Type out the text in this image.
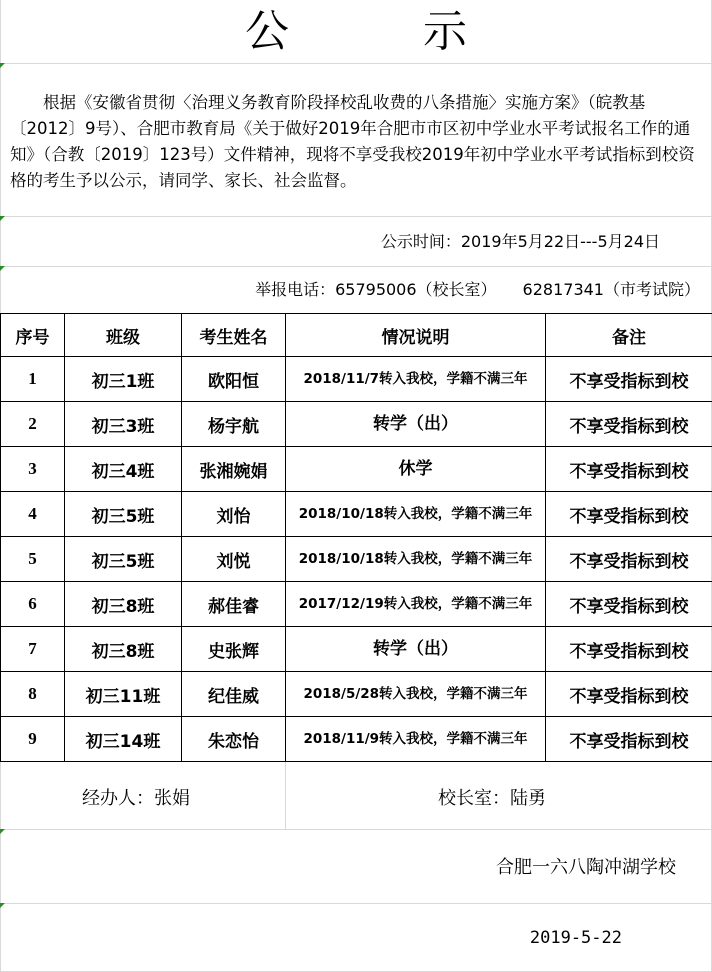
公 示

根据《安徽省贯彻〈治理义务教育阶段择校乱收费的八条措施〉实施方案》（皖教基〔2012〕9号）、合肥市教育局《关于做好2019年合肥市市区初中学业水平考试报名工作的通知》（合教〔2019〕123号）文件精神，现将不享受我校2019年初中学业水平考试指标到校资格的考生予以公示，请同学、家长、社会监督。

公示时间：2019年5月22日---5月24日
举报电话：65795006（校长室） 62817341（市考试院）
序号	班级	考生姓名	情况说明	备注
1	初三1班	欧阳恒	2018/11/7转入我校，学籍不满三年	不享受指标到校
2	初三3班	杨宇航	转学（出）	不享受指标到校
3	初三4班	张湘婉娟	休学	不享受指标到校
4	初三5班	刘怡	2018/10/18转入我校，学籍不满三年	不享受指标到校
5	初三5班	刘悦	2018/10/18转入我校，学籍不满三年	不享受指标到校
6	初三8班	郝佳睿	2017/12/19转入我校，学籍不满三年	不享受指标到校
7	初三8班	史张辉	转学（出）	不享受指标到校
8	初三11班	纪佳威	2018/5/28转入我校，学籍不满三年	不享受指标到校
9	初三14班	朱恋怡	2018/11/9转入我校，学籍不满三年	不享受指标到校
经办人：张娟	校长室：陆勇
合肥一六八陶冲湖学校
2019-5-22
